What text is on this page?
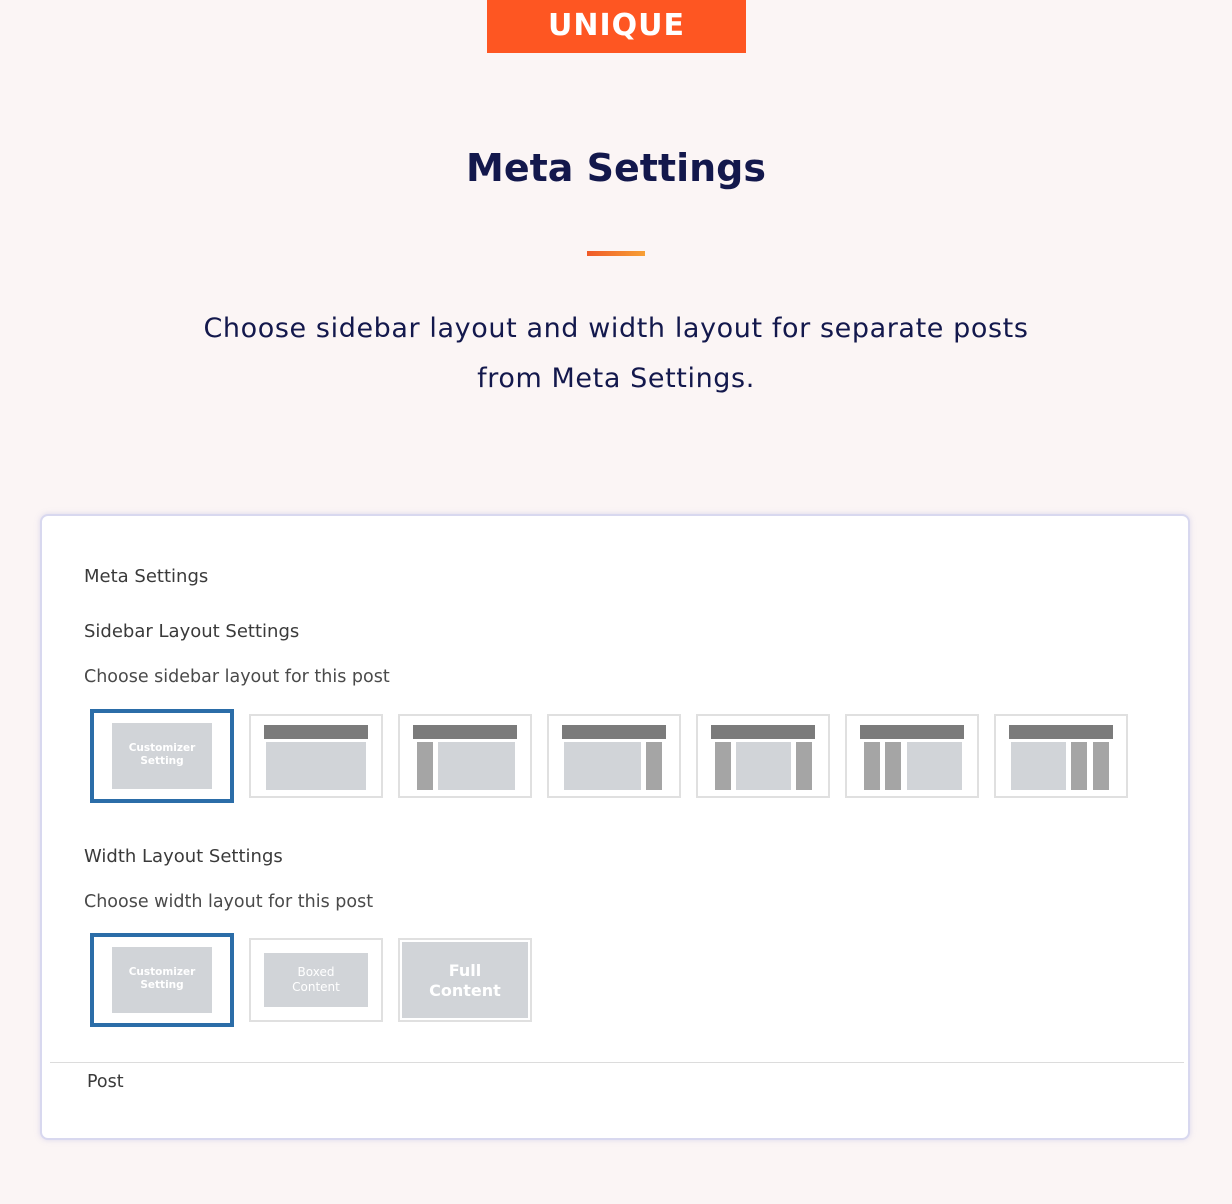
UNIQUE
Meta Settings

Choose sidebar layout and width layout for separate posts
from Meta Settings.

Meta Settings
Sidebar Layout Settings
Choose sidebar layout for this post
Customizer
Setting
Width Layout Settings
Choose width layout for this post
Customizer
Setting
Boxed
Content
Full
Content
Post
